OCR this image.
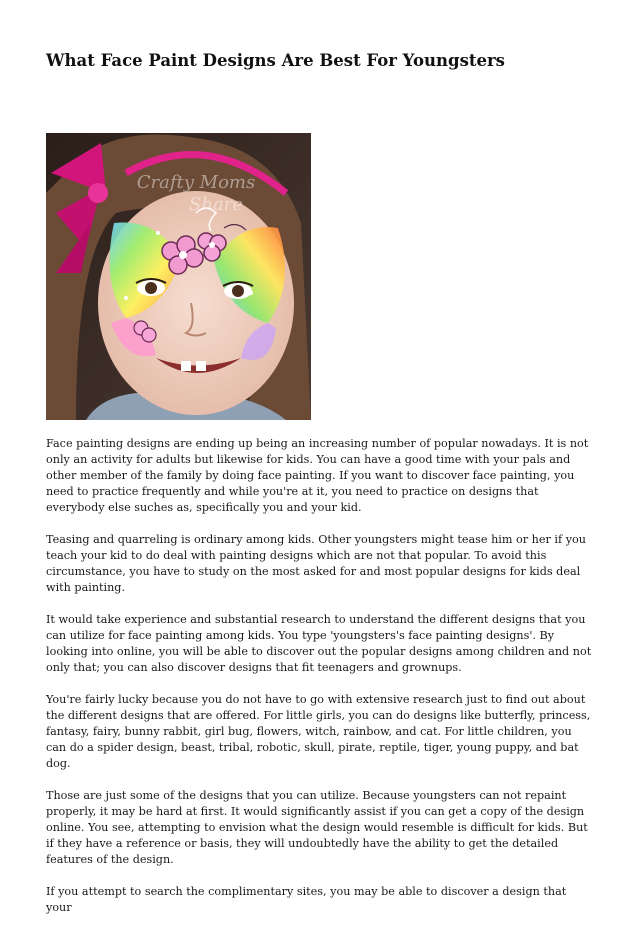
What Face Paint Designs Are Best For Youngsters
Crafty Moms
Share

Face painting designs are ending up being an increasing number of popular nowadays. It is not only an activity for adults but likewise for kids. You can have a good time with your pals and other member of the family by doing face painting. If you want to discover face painting, you need to practice frequently and while you're at it, you need to practice on designs that everybody else suches as, specifically you and your kid.

Teasing and quarreling is ordinary among kids. Other youngsters might tease him or her if you teach your kid to do deal with painting designs which are not that popular. To avoid this circumstance, you have to study on the most asked for and most popular designs for kids deal with painting.

It would take experience and substantial research to understand the different designs that you can utilize for face painting among kids. You type 'youngsters's face painting designs'. By looking into online, you will be able to discover out the popular designs among children and not only that; you can also discover designs that fit teenagers and grownups.

You're fairly lucky because you do not have to go with extensive research just to find out about the different designs that are offered. For little girls, you can do designs like butterfly, princess, fantasy, fairy, bunny rabbit, girl bug, flowers, witch, rainbow, and cat. For little children, you can do a spider design, beast, tribal, robotic, skull, pirate, reptile, tiger, young puppy, and bat dog.

Those are just some of the designs that you can utilize. Because youngsters can not repaint properly, it may be hard at first. It would significantly assist if you can get a copy of the design online. You see, attempting to envision what the design would resemble is difficult for kids. But if they have a reference or basis, they will undoubtedly have the ability to get the detailed features of the design.

If you attempt to search the complimentary sites, you may be able to discover a design that your
